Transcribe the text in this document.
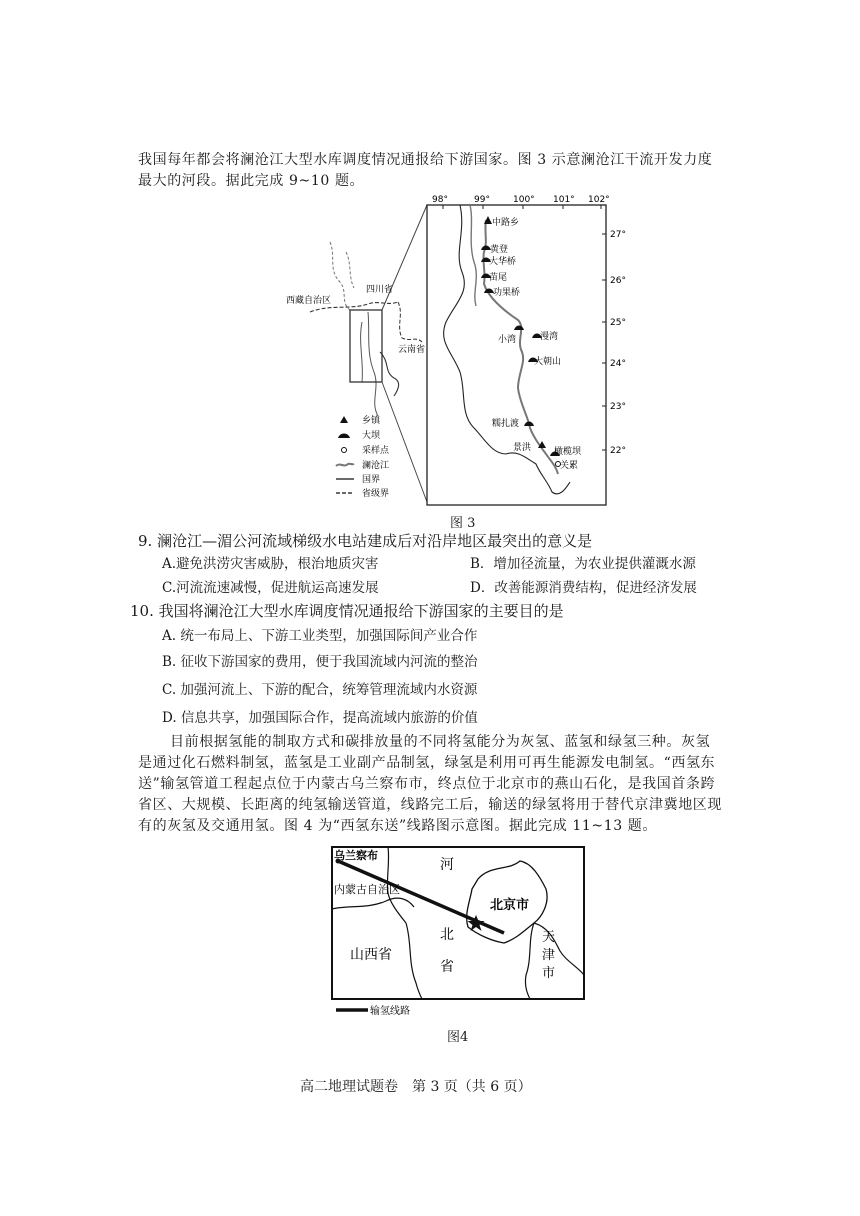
我国每年都会将澜沧江大型水库调度情况通报给下游国家。图 3 示意澜沧江干流开发力度
最大的河段。据此完成 9~10 题。
四川省
西藏自治区
云南省
乡镇
大坝
采样点
澜沧江
国界
省级界
98°	99°	100° 101° 102°
27°
26°
25°
24°
23°
22°
中路乡
黄登
大华桥
苗尾
功果桥
漫湾
小湾
大朝山
糯扎渡
景洪	橄榄坝
关累
图 3
9. 澜沧江—湄公河流域梯级水电站建成后对沿岸地区最突出的意义是
A.避免洪涝灾害威胁，根治地质灾害	B．增加径流量，为农业提供灌溉水源
C.河流流速减慢，促进航运高速发展	D．改善能源消费结构，促进经济发展
10. 我国将澜沧江大型水库调度情况通报给下游国家的主要目的是
A. 统一布局上、下游工业类型，加强国际间产业合作
B. 征收下游国家的费用，便于我国流域内河流的整治
C. 加强河流上、下游的配合，统筹管理流域内水资源
D. 信息共享，加强国际合作，提高流域内旅游的价值
目前根据氢能的制取方式和碳排放量的不同将氢能分为灰氢、蓝氢和绿氢三种。灰氢
是通过化石燃料制氢，蓝氢是工业副产品制氢，绿氢是利用可再生能源发电制氢。“西氢东
送”输氢管道工程起点位于内蒙古乌兰察布市，终点位于北京市的燕山石化，是我国首条跨
省区、大规模、长距离的纯氢输送管道，线路完工后，输送的绿氢将用于替代京津冀地区现
有的灰氢及交通用氢。图 4 为“西氢东送”线路图示意图。据此完成 11~13 题。
乌兰察布
内蒙古自治区
河
北
省
北京市
山西省
天
津
市
输氢线路
图4
高二地理试题卷　第 3 页（共 6 页）
